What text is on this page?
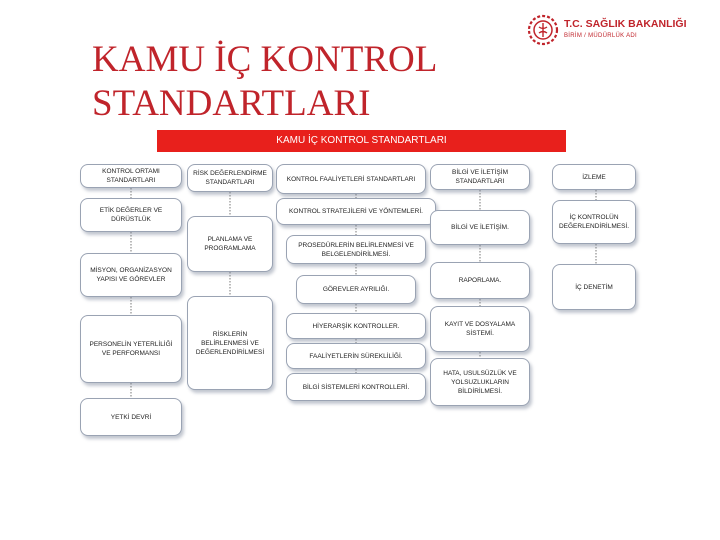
KAMU İÇ KONTROL
STANDARTLARI
T.C. SAĞLIK BAKANLIĞI
BİRİM / MÜDÜRLÜK ADI
KAMU İÇ KONTROL STANDARTLARI
KONTROL ORTAMI STANDARTLARI
ETİK DEĞERLER VE DÜRÜSTLÜK
MİSYON, ORGANİZASYON YAPISI VE GÖREVLER
PERSONELİN YETERLİLİĞİ VE PERFORMANSI
YETKİ DEVRİ
RİSK DEĞERLENDİRME STANDARTLARI
PLANLAMA VE PROGRAMLAMA
RİSKLERİN BELİRLENMESİ VE DEĞERLENDİRİLMESİ
KONTROL FAALİYETLERİ STANDARTLARI
KONTROL STRATEJİLERİ VE YÖNTEMLERİ.
PROSEDÜRLERİN BELİRLENMESİ VE BELGELENDİRİLMESİ.
GÖREVLER AYRILIĞI.
HİYERARŞİK KONTROLLER.
FAALİYETLERİN SÜREKLİLİĞİ.
BİLGİ SİSTEMLERİ KONTROLLERİ.
BİLGİ VE İLETİŞİM STANDARTLARI
BİLGİ VE İLETİŞİM.
RAPORLAMA.
KAYIT VE DOSYALAMA SİSTEMİ.
HATA, USULSÜZLÜK VE YOLSUZLUKLARIN BİLDİRİLMESİ.
İZLEME
İÇ KONTROLÜN DEĞERLENDİRİLMESİ.
İÇ DENETİM
